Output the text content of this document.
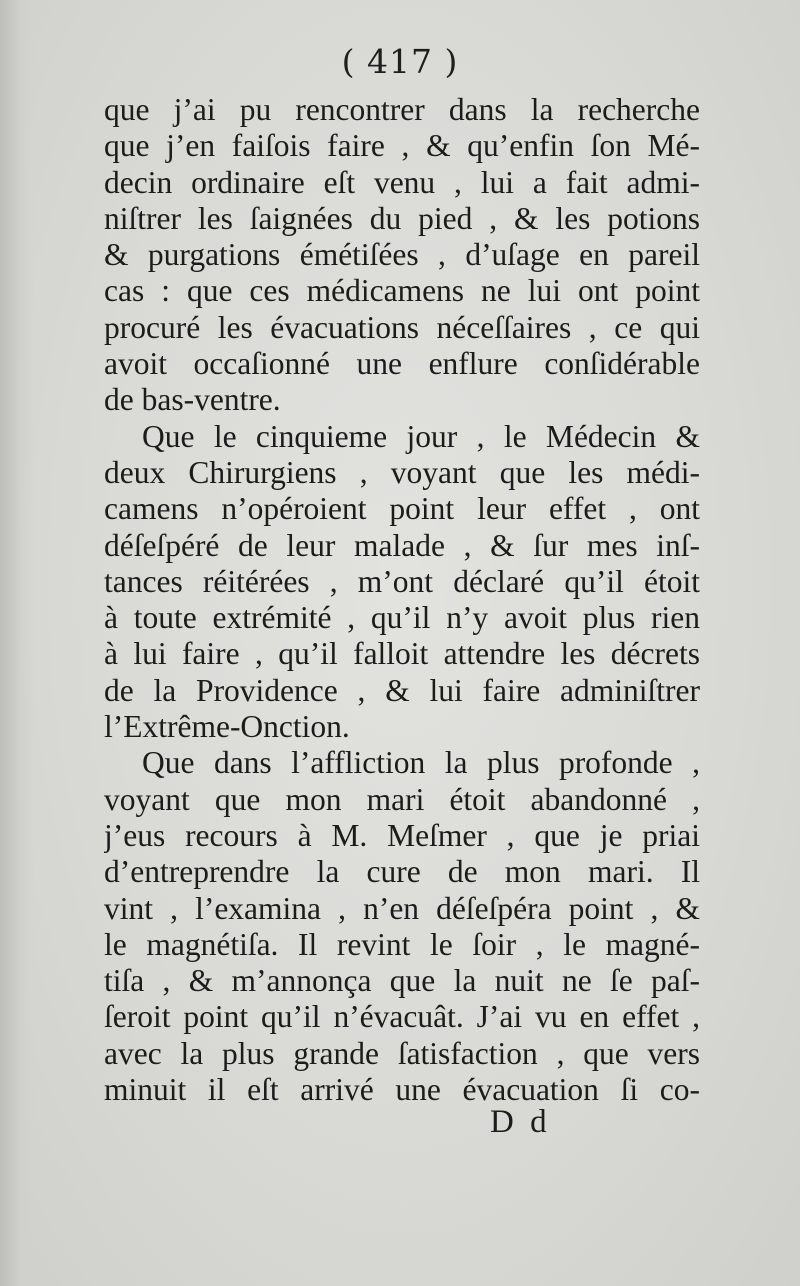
( 417 )
que j’ai pu rencontrer dans la recherche
que j’en faiſois faire , & qu’enfin ſon Mé-
decin ordinaire eſt venu , lui a fait admi-
niſtrer les ſaignées du pied , & les potions
& purgations émétiſées , d’uſage en pareil
cas : que ces médicamens ne lui ont point
procuré les évacuations néceſſaires , ce qui
avoit occaſionné une enflure conſidérable
de bas-ventre.
Que le cinquieme jour , le Médecin &
deux Chirurgiens , voyant que les médi-
camens n’opéroient point leur effet , ont
déſeſpéré de leur malade , & ſur mes inſ-
tances réitérées , m’ont déclaré qu’il étoit
à toute extrémité , qu’il n’y avoit plus rien
à lui faire , qu’il falloit attendre les décrets
de la Providence , & lui faire adminiſtrer
l’Extrême-Onction.
Que dans l’affliction la plus profonde ,
voyant que mon mari étoit abandonné ,
j’eus recours à M. Meſmer , que je priai
d’entreprendre la cure de mon mari. Il
vint , l’examina , n’en déſeſpéra point , &
le magnétiſa. Il revint le ſoir , le magné-
tiſa , & m’annonça que la nuit ne ſe paſ-
ſeroit point qu’il n’évacuât. J’ai vu en effet ,
avec la plus grande ſatisfaction , que vers
minuit il eſt arrivé une évacuation ſi co-
D d
